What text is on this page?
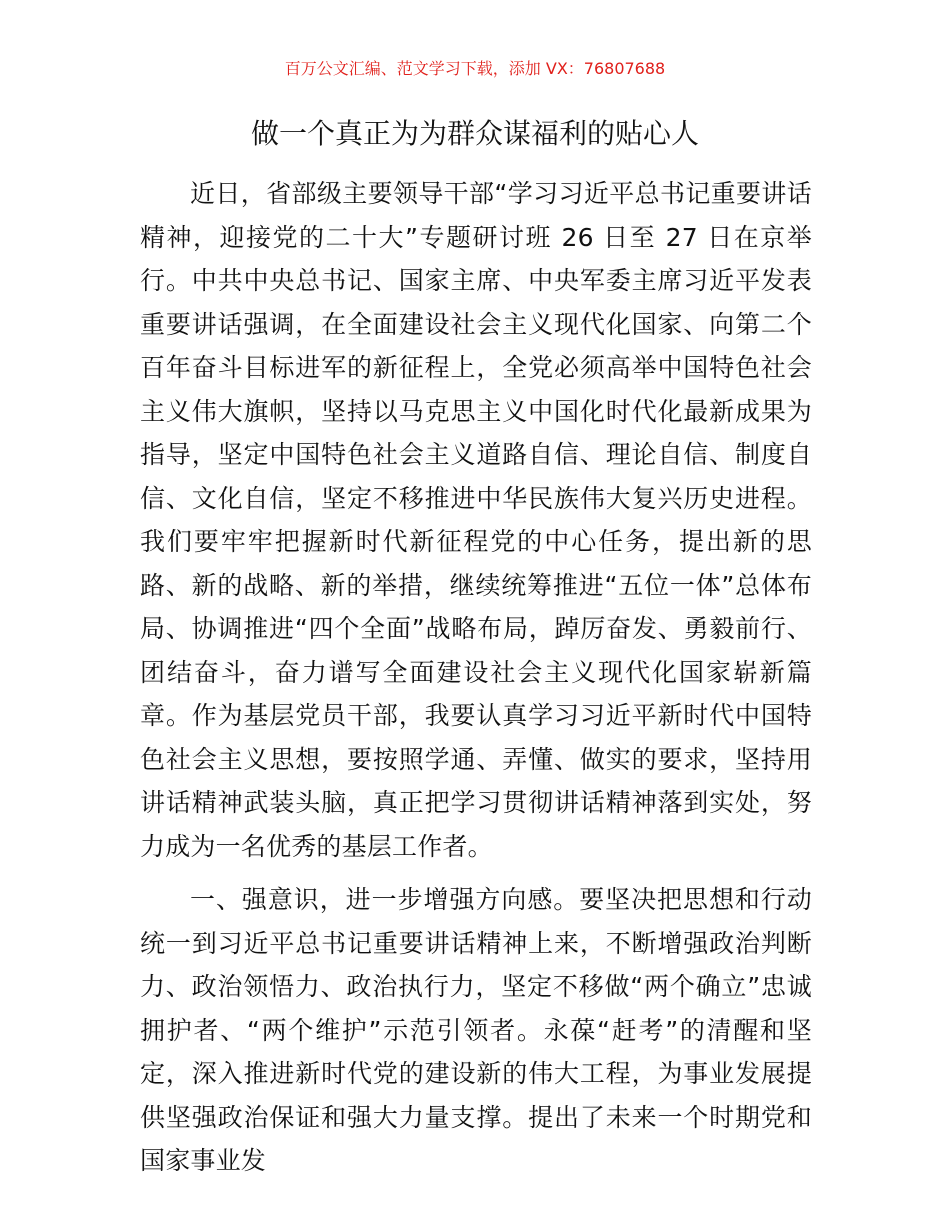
百万公文汇编、范文学习下载，添加 VX：76807688
做一个真正为为群众谋福利的贴心人

近日，省部级主要领导干部“学习习近平总书记重要讲话精神，迎接党的二十大”专题研讨班 26 日至 27 日在京举行。中共中央总书记、国家主席、中央军委主席习近平发表重要讲话强调，在全面建设社会主义现代化国家、向第二个百年奋斗目标进军的新征程上，全党必须高举中国特色社会主义伟大旗帜，坚持以马克思主义中国化时代化最新成果为指导，坚定中国特色社会主义道路自信、理论自信、制度自信、文化自信，坚定不移推进中华民族伟大复兴历史进程。我们要牢牢把握新时代新征程党的中心任务，提出新的思路、新的战略、新的举措，继续统筹推进“五位一体”总体布局、协调推进“四个全面”战略布局，踔厉奋发、勇毅前行、团结奋斗，奋力谱写全面建设社会主义现代化国家崭新篇章。作为基层党员干部，我要认真学习习近平新时代中国特色社会主义思想，要按照学通、弄懂、做实的要求，坚持用讲话精神武装头脑，真正把学习贯彻讲话精神落到实处，努力成为一名优秀的基层工作者。

一、强意识，进一步增强方向感。要坚决把思想和行动统一到习近平总书记重要讲话精神上来，不断增强政治判断力、政治领悟力、政治执行力，坚定不移做“两个确立”忠诚拥护者、“两个维护”示范引领者。永葆“赶考”的清醒和坚定，深入推进新时代党的建设新的伟大工程，为事业发展提供坚强政治保证和强大力量支撑。提出了未来一个时期党和国家事业发
